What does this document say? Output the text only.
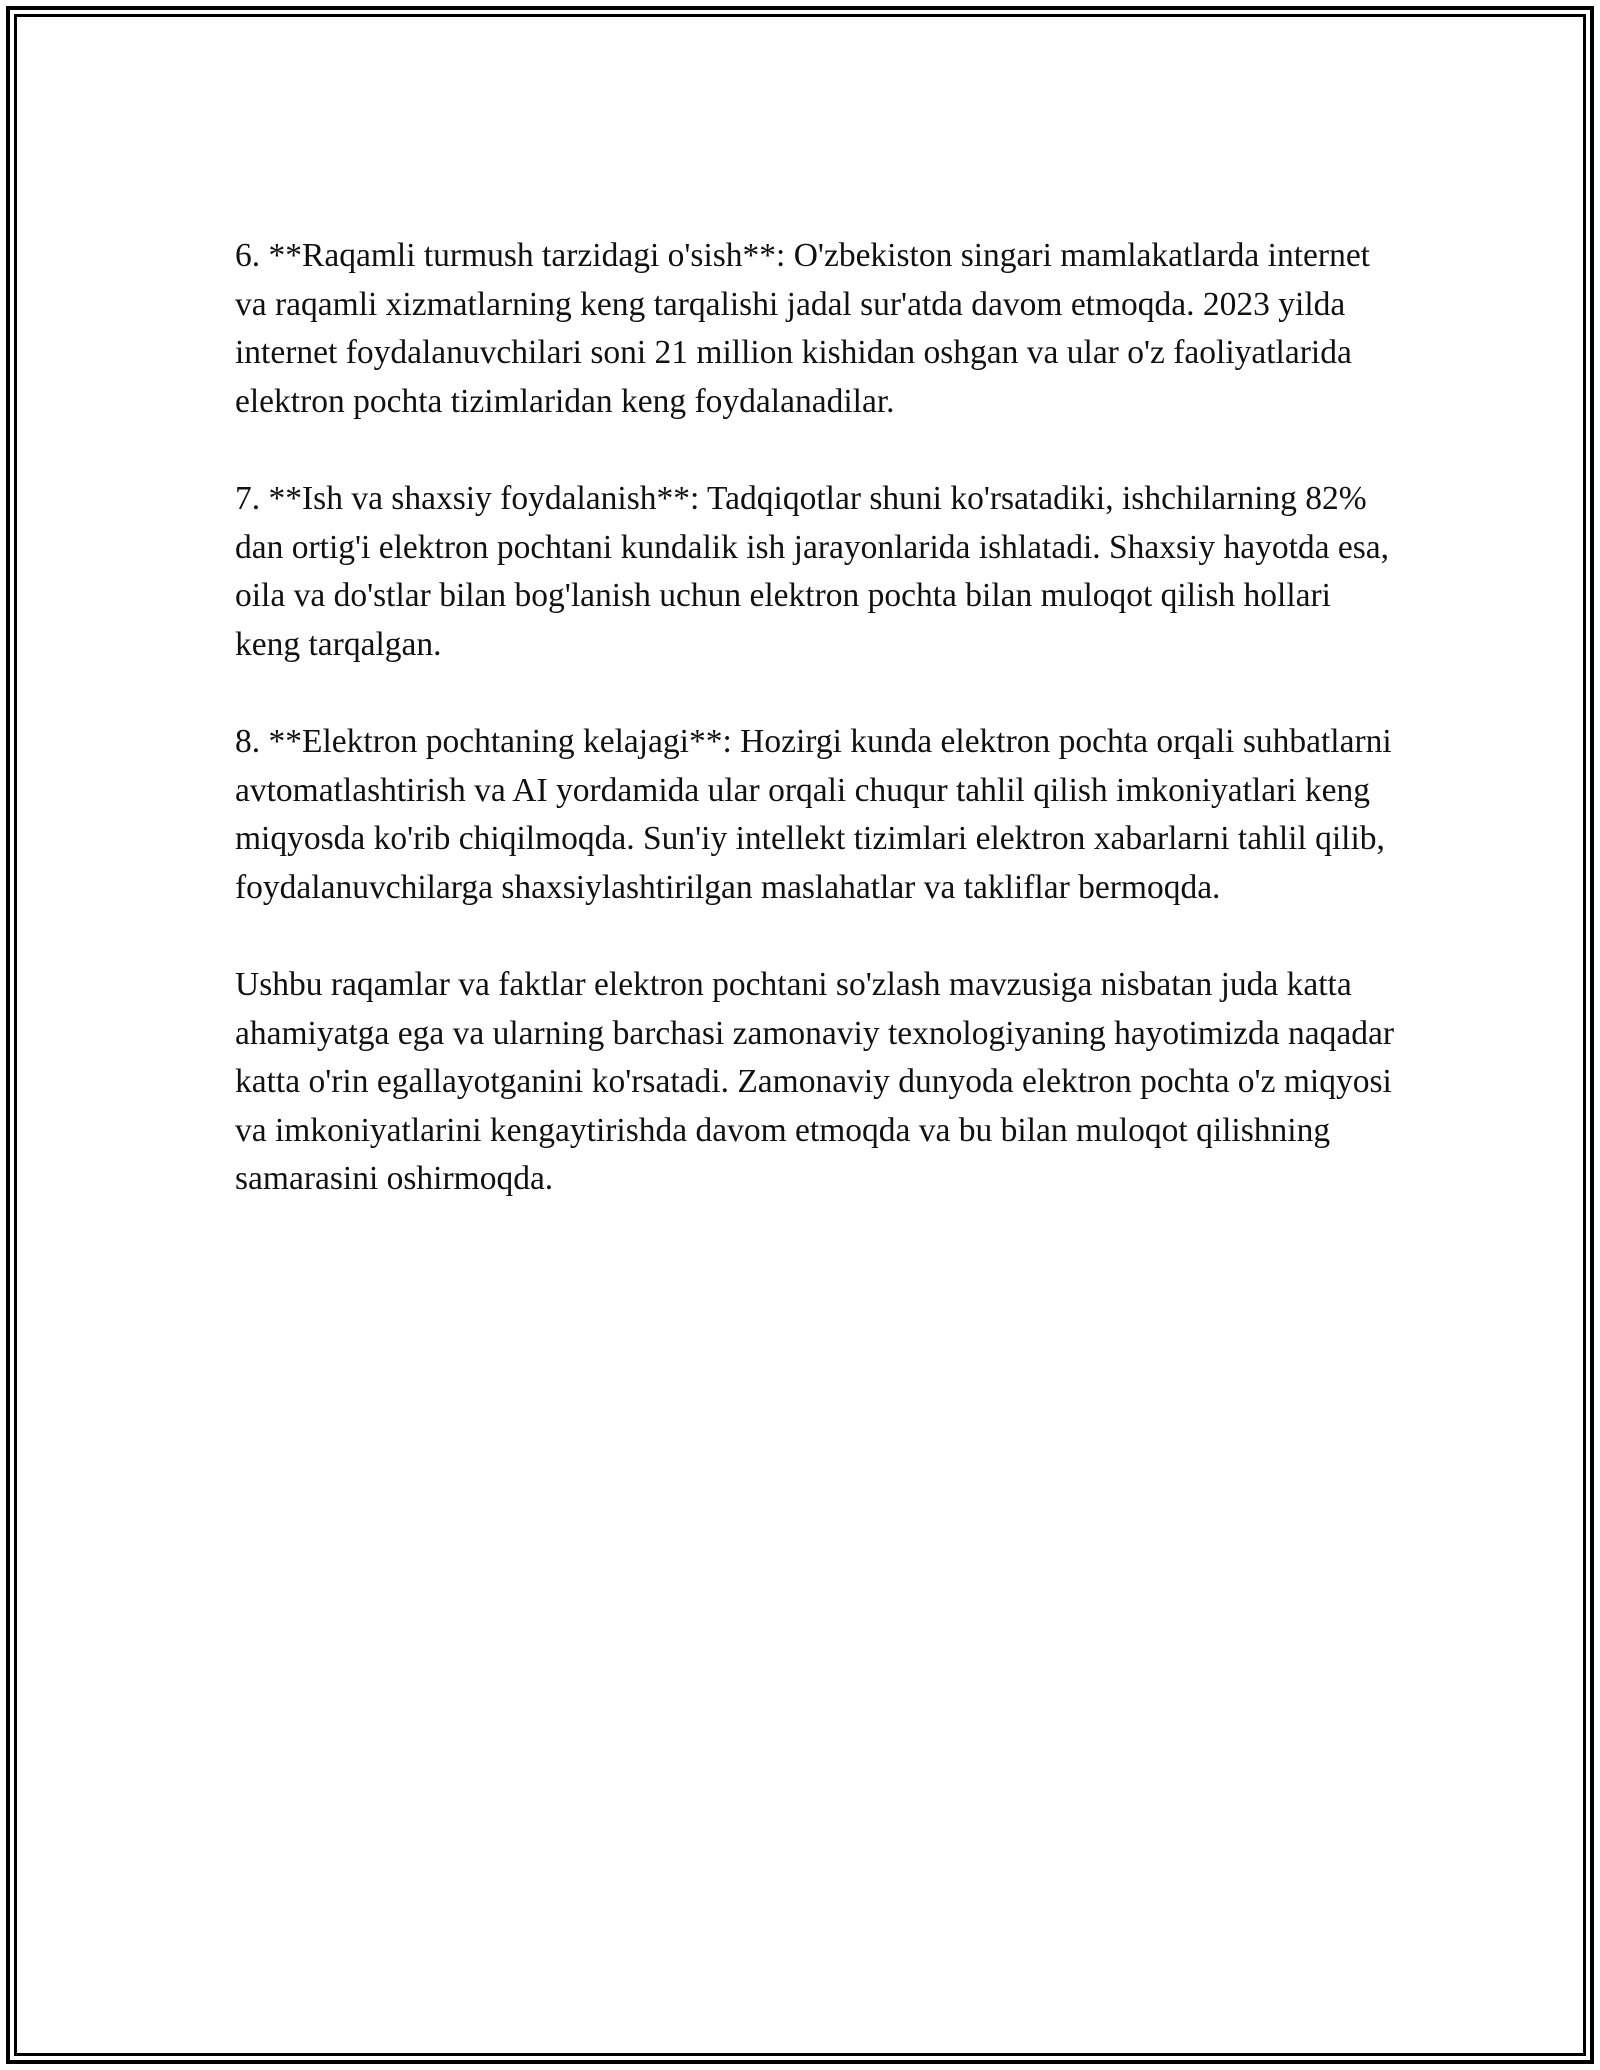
6. **Raqamli turmush tarzidagi o'sish**: O'zbekiston singari mamlakatlarda internet va raqamli xizmatlarning keng tarqalishi jadal sur'atda davom etmoqda. 2023 yilda internet foydalanuvchilari soni 21 million kishidan oshgan va ular o'z faoliyatlarida elektron pochta tizimlaridan keng foydalanadilar.

7. **Ish va shaxsiy foydalanish**: Tadqiqotlar shuni ko'rsatadiki, ishchilarning 82% dan ortig'i elektron pochtani kundalik ish jarayonlarida ishlatadi. Shaxsiy hayotda esa, oila va do'stlar bilan bog'lanish uchun elektron pochta bilan muloqot qilish hollari keng tarqalgan.

8. **Elektron pochtaning kelajagi**: Hozirgi kunda elektron pochta orqali suhbatlarni avtomatlashtirish va AI yordamida ular orqali chuqur tahlil qilish imkoniyatlari keng miqyosda ko'rib chiqilmoqda. Sun'iy intellekt tizimlari elektron xabarlarni tahlil qilib, foydalanuvchilarga shaxsiylashtirilgan maslahatlar va takliflar bermoqda.

Ushbu raqamlar va faktlar elektron pochtani so'zlash mavzusiga nisbatan juda katta ahamiyatga ega va ularning barchasi zamonaviy texnologiyaning hayotimizda naqadar katta o'rin egallayotganini ko'rsatadi. Zamonaviy dunyoda elektron pochta o'z miqyosi va imkoniyatlarini kengaytirishda davom etmoqda va bu bilan muloqot qilishning samarasini oshirmoqda.
